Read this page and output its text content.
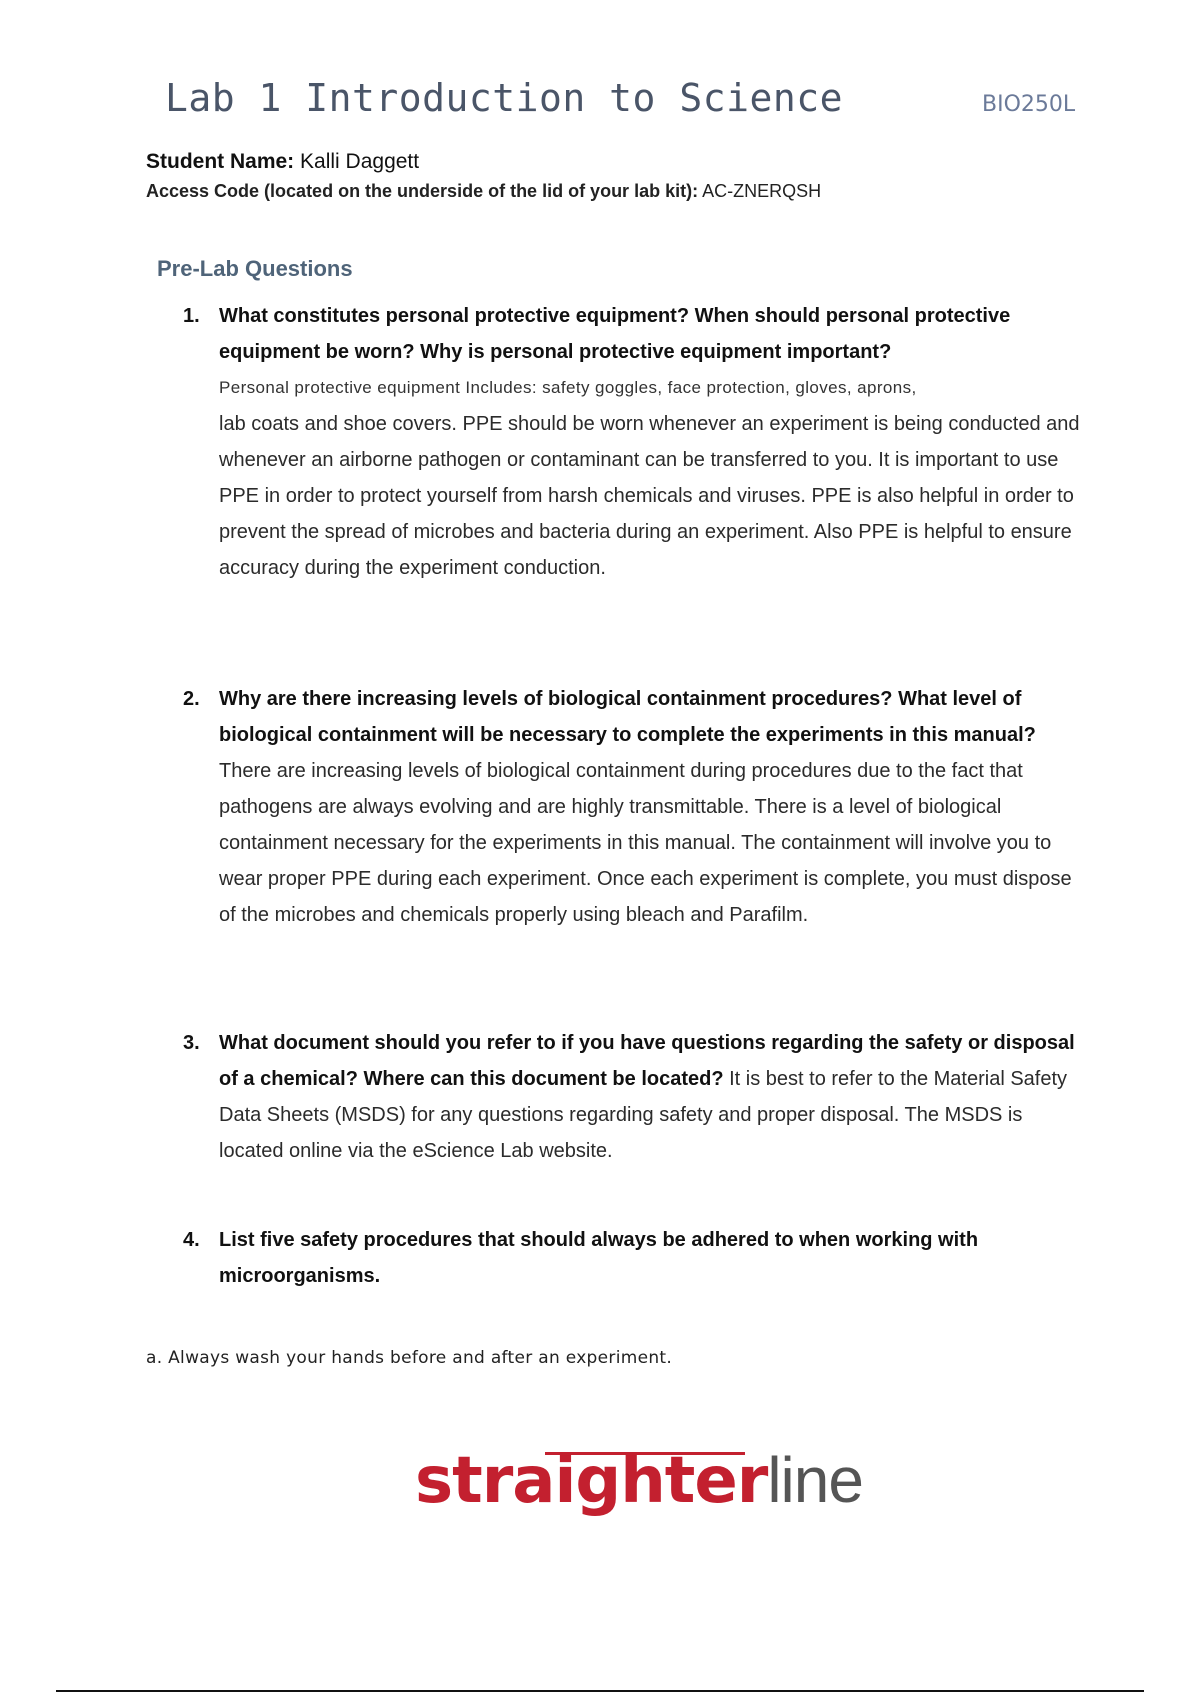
Lab 1 Introduction to Science	BIO250L
Student Name: Kalli Daggett
Access Code (located on the underside of the lid of your lab kit): AC-ZNERQSH
Pre-Lab Questions
1. What constitutes personal protective equipment? When should personal protective equipment be worn? Why is personal protective equipment important?
Personal protective equipment Includes: safety goggles, face protection, gloves, aprons,
lab coats and shoe covers. PPE should be worn whenever an experiment is being conducted and whenever an airborne pathogen or contaminant can be transferred to you. It is important to use PPE in order to protect yourself from harsh chemicals and viruses. PPE is also helpful in order to prevent the spread of microbes and bacteria during an experiment. Also PPE is helpful to ensure accuracy during the experiment conduction.
2. Why are there increasing levels of biological containment procedures? What level of biological containment will be necessary to complete the experiments in this manual? There are increasing levels of biological containment during procedures due to the fact that pathogens are always evolving and are highly transmittable. There is a level of biological containment necessary for the experiments in this manual. The containment will involve you to wear proper PPE during each experiment. Once each experiment is complete, you must dispose of the microbes and chemicals properly using bleach and Parafilm.
3. What document should you refer to if you have questions regarding the safety or disposal of a chemical? Where can this document be located? It is best to refer to the Material Safety Data Sheets (MSDS) for any questions regarding safety and proper disposal. The MSDS is located online via the eScience Lab website.
4. List five safety procedures that should always be adhered to when working with microorganisms.
a. Always wash your hands before and after an experiment.
straighterline
